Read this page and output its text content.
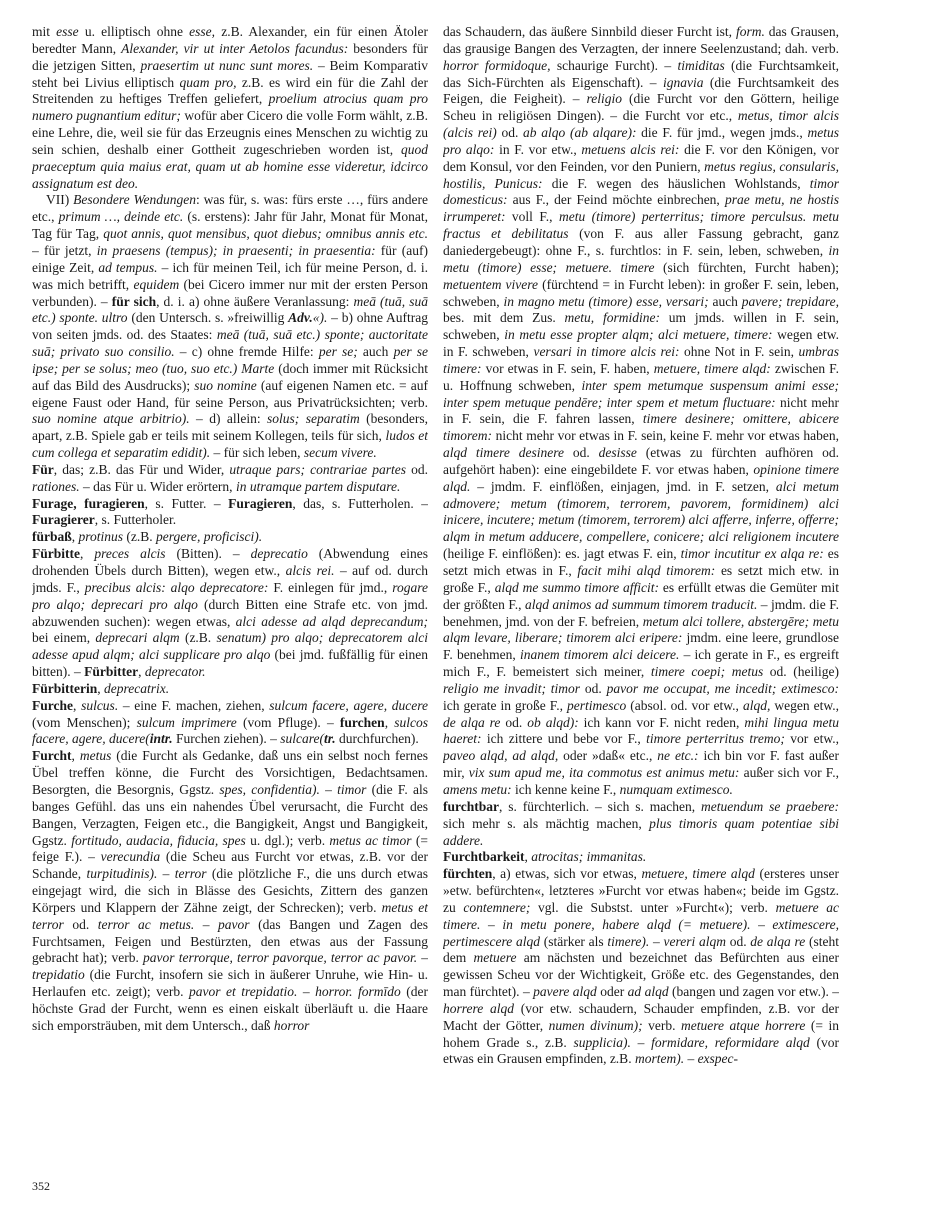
mit esse u. elliptisch ohne esse, z.B. Alexander, ein für einen Ätoler beredter Mann, Alexander, vir ut inter Aetolos facundus: besonders für die jetzigen Sitten, praesertim ut nunc sunt mores. – Beim Komparativ steht bei Livius elliptisch quam pro, z.B. es wird ein für die Zahl der Streitenden zu heftiges Treffen geliefert, proelium atrocius quam pro numero pugnantium editur; wofür aber Cicero die volle Form wählt, z.B. eine Lehre, die, weil sie für das Erzeugnis eines Menschen zu wichtig zu sein schien, deshalb einer Gottheit zugeschrieben worden ist, quod praeceptum quia maius erat, quam ut ab homine esse videretur, idcirco assignatum est deo.

VII) Besondere Wendungen: was für, s. was: fürs erste …, fürs andere etc., primum …, deinde etc. (s. erstens): Jahr für Jahr, Monat für Monat, Tag für Tag, quot annis, quot mensibus, quot diebus; omnibus annis etc. – für jetzt, in praesens (tempus); in praesenti; in praesentia: für (auf) einige Zeit, ad tempus. – ich für meinen Teil, ich für meine Person, d. i. was mich betrifft, equidem (bei Cicero immer nur mit der ersten Person verbunden). – für sich, d. i. a) ohne äußere Veranlassung: meā (tuā, suā etc.) sponte. ultro (den Untersch. s. »freiwillig Adv.«). – b) ohne Auftrag von seiten jmds. od. des Staates: meā (tuā, suā etc.) sponte; auctoritate suā; privato suo consilio. – c) ohne fremde Hilfe: per se; auch per se ipse; per se solus; meo (tuo, suo etc.) Marte (doch immer mit Rücksicht auf das Bild des Ausdrucks); suo nomine (auf eigenen Namen etc. = auf eigene Faust oder Hand, für seine Person, aus Privatrücksichten; verb. suo nomine atque arbitrio). – d) allein: solus; separatim (besonders, apart, z.B. Spiele gab er teils mit seinem Kollegen, teils für sich, ludos et cum collega et separatim edidit). – für sich leben, secum vivere.

Für, das; z.B. das Für und Wider, utraque pars; contrariae partes od. rationes. – das Für u. Wider erörtern, in utramque partem disputare.

Furage, furagieren, s. Futter. – Furagieren, das, s. Futterholen. – Furagierer, s. Futterholer.

fürbaß, protinus (z.B. pergere, proficisci).

Fürbitte, preces alcis (Bitten). – deprecatio (Abwendung eines drohenden Übels durch Bitten), wegen etw., alcis rei. – auf od. durch jmds. F., precibus alcis: alqo deprecatore: F. einlegen für jmd., rogare pro alqo; deprecari pro alqo (durch Bitten eine Strafe etc. von jmd. abzuwenden suchen): wegen etwas, alci adesse ad alqd deprecandum; bei einem, deprecari alqm (z.B. senatum) pro alqo; deprecatorem alci adesse apud alqm; alci supplicare pro alqo (bei jmd. fußfällig für einen bitten). – Fürbitter, deprecator.

Fürbitterin, deprecatrix.

Furche, sulcus. – eine F. machen, ziehen, sulcum facere, agere, ducere (vom Menschen); sulcum imprimere (vom Pfluge). – furchen, sulcos facere, agere, ducere(intr. Furchen ziehen). – sulcare(tr. durchfurchen).

Furcht, metus (die Furcht als Gedanke, daß uns ein selbst noch fernes Übel treffen könne, die Furcht des Vorsichtigen, Bedachtsamen. Besorgten, die Besorgnis, Ggstz. spes, confidentia). – timor (die F. als banges Gefühl. das uns ein nahendes Übel verursacht, die Furcht des Bangen, Verzagten, Feigen etc., die Bangigkeit, Angst und Bangigkeit, Ggstz. fortitudo, audacia, fiducia, spes u. dgl.); verb. metus ac timor (= feige F.). – verecundia (die Scheu aus Furcht vor etwas, z.B. vor der Schande, turpitudinis). – terror (die plötzliche F., die uns durch etwas eingejagt wird, die sich in Blässe des Gesichts, Zittern des ganzen Körpers und Klappern der Zähne zeigt, der Schrecken); verb. metus et terror od. terror ac metus. – pavor (das Bangen und Zagen des Furchtsamen, Feigen und Bestürzten, den etwas aus der Fassung gebracht hat); verb. pavor terrorque, terror pavorque, terror ac pavor. – trepidatio (die Furcht, insofern sie sich in äußerer Unruhe, wie Hin- u. Herlaufen etc. zeigt); verb. pavor et trepidatio. – horror. formīdo (der höchste Grad der Furcht, wenn es einen eiskalt überläuft u. die Haare sich emporsträuben, mit dem Untersch., daß horror

das Schaudern, das äußere Sinnbild dieser Furcht ist, form. das Grausen, das grausige Bangen des Verzagten, der innere Seelenzustand; dah. verb. horror formidoque, schaurige Furcht). – timiditas (die Furchtsamkeit, das Sich-Fürchten als Eigenschaft). – ignavia (die Furchtsamkeit des Feigen, die Feigheit). – religio (die Furcht vor den Göttern, heilige Scheu in religiösen Dingen). – die Furcht vor etc., metus, timor alcis (alcis rei) od. ab alqo (ab alqare): die F. für jmd., wegen jmds., metus pro alqo: in F. vor etw., metuens alcis rei: die F. vor den Königen, vor dem Konsul, vor den Feinden, vor den Puniern, metus regius, consularis, hostilis, Punicus: die F. wegen des häuslichen Wohlstands, timor domesticus: aus F., der Feind möchte einbrechen, prae metu, ne hostis irrumperet: voll F., metu (timore) perterritus; timore perculsus. metu fractus et debilitatus (von F. aus aller Fassung gebracht, ganz daniedergebeugt): ohne F., s. furchtlos: in F. sein, leben, schweben, in metu (timore) esse; metuere. timere (sich fürchten, Furcht haben); metuentem vivere (fürchtend = in Furcht leben): in großer F. sein, leben, schweben, in magno metu (timore) esse, versari; auch pavere; trepidare, bes. mit dem Zus. metu, formidine: um jmds. willen in F. sein, schweben, in metu esse propter alqm; alci metuere, timere: wegen etw. in F. schweben, versari in timore alcis rei: ohne Not in F. sein, umbras timere: vor etwas in F. sein, F. haben, metuere, timere alqd: zwischen F. u. Hoffnung schweben, inter spem metumque suspensum animi esse; inter spem metuque pendēre; inter spem et metum fluctuare: nicht mehr in F. sein, die F. fahren lassen, timere desinere; omittere, abicere timorem: nicht mehr vor etwas in F. sein, keine F. mehr vor etwas haben, alqd timere desinere od. desisse (etwas zu fürchten aufhören od. aufgehört haben): eine eingebildete F. vor etwas haben, opinione timere alqd. – jmdm. F. einflößen, einjagen, jmd. in F. setzen, alci metum admovere; metum (timorem, terrorem, pavorem, formidinem) alci inicere, incutere; metum (timorem, terrorem) alci afferre, inferre, offerre; alqm in metum adducere, compellere, conicere; alci religionem incutere (heilige F. einflößen): es. jagt etwas F. ein, timor incutitur ex alqa re: es setzt mich etwas in F., facit mihi alqd timorem: es setzt mich etw. in große F., alqd me summo timore afficit: es erfüllt etwas die Gemüter mit der größten F., alqd animos ad summum timorem traducit. – jmdm. die F. benehmen, jmd. von der F. befreien, metum alci tollere, abstergēre; metu alqm levare, liberare; timorem alci eripere: jmdm. eine leere, grundlose F. benehmen, inanem timorem alci deicere. – ich gerate in F., es ergreift mich F., F. bemeistert sich meiner, timere coepi; metus od. (heilige) religio me invadit; timor od. pavor me occupat, me incedit; extimesco: ich gerate in große F., pertimesco (absol. od. vor etw., alqd, wegen etw., de alqa re od. ob alqd): ich kann vor F. nicht reden, mihi lingua metu haeret: ich zittere und bebe vor F., timore perterritus tremo; vor etw., paveo alqd, ad alqd, oder »daß« etc., ne etc.: ich bin vor F. fast außer mir, vix sum apud me, ita commotus est animus metu: außer sich vor F., amens metu: ich kenne keine F., numquam extimesco.

furchtbar, s. fürchterlich. – sich s. machen, metuendum se praebere: sich mehr s. als mächtig machen, plus timoris quam potentiae sibi addere.

Furchtbarkeit, atrocitas; immanitas.

fürchten, a) etwas, sich vor etwas, metuere, timere alqd (ersteres unser »etw. befürchten«, letzteres »Furcht vor etwas haben«; beide im Ggstz. zu contemnere; vgl. die Substst. unter »Furcht«); verb. metuere ac timere. – in metu ponere, habere alqd (= metuere). – extimescere, pertimescere alqd (stärker als timere). – vereri alqm od. de alqa re (steht dem metuere am nächsten und bezeichnet das Befürchten aus einer gewissen Scheu vor der Wichtigkeit, Größe etc. des Gegenstandes, den man fürchtet). – pavere alqd oder ad alqd (bangen und zagen vor etw.). – horrere alqd (vor etw. schaudern, Schauder empfinden, z.B. vor der Macht der Götter, numen divinum); verb. metuere atque horrere (= in hohem Grade s., z.B. supplicia). – formidare, reformidare alqd (vor etwas ein Grausen empfinden, z.B. mortem). – exspec-

352
